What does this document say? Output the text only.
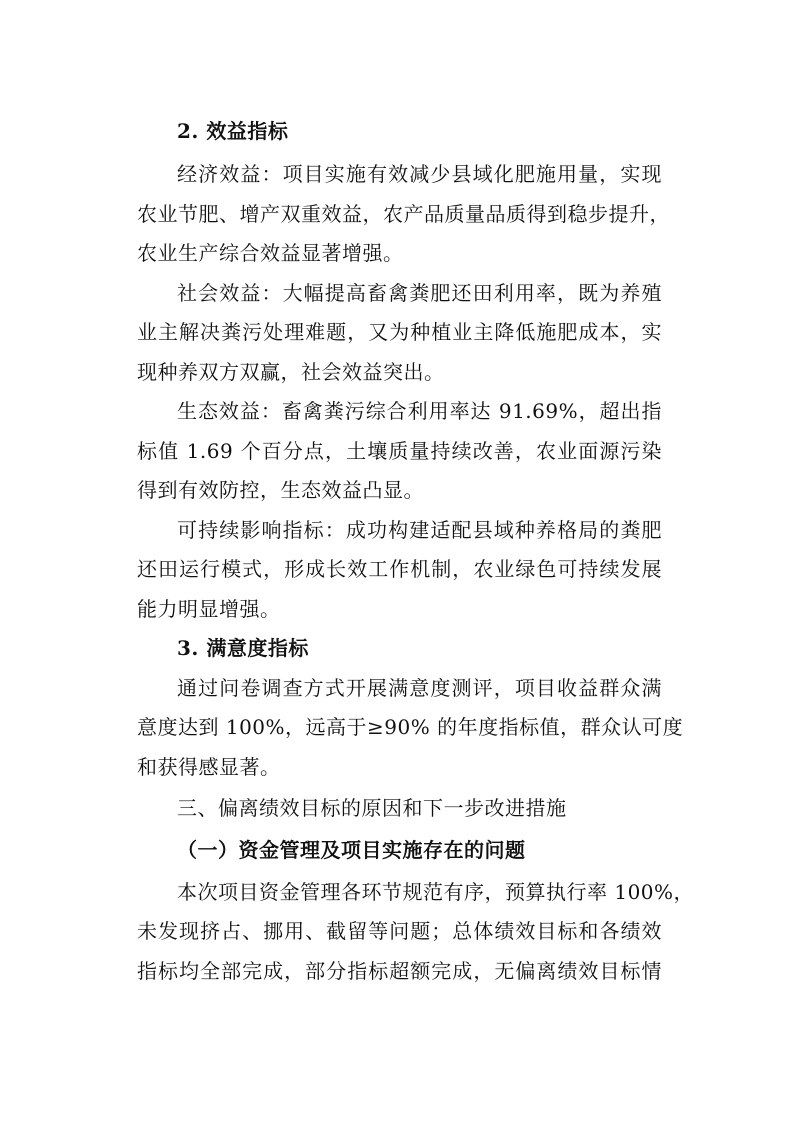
2. 效益指标
经济效益：项目实施有效减少县域化肥施用量，实现
农业节肥、增产双重效益，农产品质量品质得到稳步提升，
农业生产综合效益显著增强。
社会效益：大幅提高畜禽粪肥还田利用率，既为养殖
业主解决粪污处理难题，又为种植业主降低施肥成本，实
现种养双方双赢，社会效益突出。
生态效益：畜禽粪污综合利用率达 91.69%，超出指
标值 1.69 个百分点，土壤质量持续改善，农业面源污染
得到有效防控，生态效益凸显。
可持续影响指标：成功构建适配县域种养格局的粪肥
还田运行模式，形成长效工作机制，农业绿色可持续发展
能力明显增强。
3. 满意度指标
通过问卷调查方式开展满意度测评，项目收益群众满
意度达到 100%，远高于≥90% 的年度指标值，群众认可度
和获得感显著。
三、偏离绩效目标的原因和下一步改进措施
（一）资金管理及项目实施存在的问题
本次项目资金管理各环节规范有序，预算执行率 100%，
未发现挤占、挪用、截留等问题；总体绩效目标和各绩效
指标均全部完成，部分指标超额完成，无偏离绩效目标情
